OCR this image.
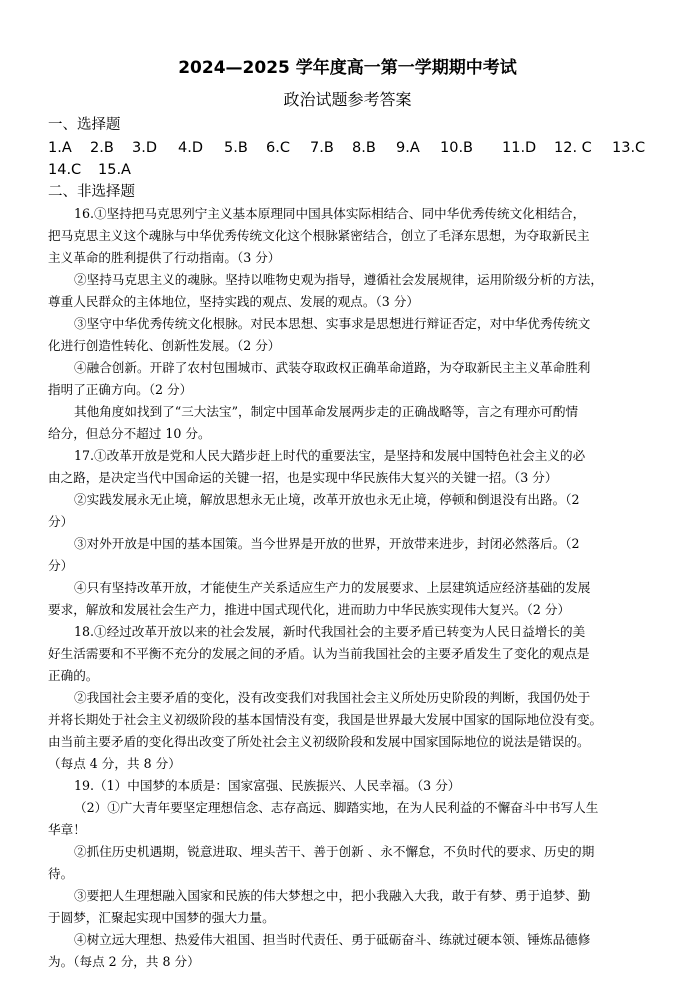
2024—2025 学年度高一第一学期期中考试
政治试题参考答案
一、选择题
1.A 2.B 3.D 4.D 5.B 6.C 7.B 8.B 9.A 10.B 11.D 12. C 13.C
14.C 15.A
二、非选择题
16.①坚持把马克思列宁主义基本原理同中国具体实际相结合、同中华优秀传统文化相结合，
把马克思主义这个魂脉与中华优秀传统文化这个根脉紧密结合，创立了毛泽东思想，为夺取新民主
主义革命的胜利提供了行动指南。（3 分）
②坚持马克思主义的魂脉。坚持以唯物史观为指导，遵循社会发展规律，运用阶级分析的方法，
尊重人民群众的主体地位，坚持实践的观点、发展的观点。（3 分）
③坚守中华优秀传统文化根脉。对民本思想、实事求是思想进行辩证否定，对中华优秀传统文
化进行创造性转化、创新性发展。（2 分）
④融合创新。开辟了农村包围城市、武装夺取政权正确革命道路，为夺取新民主主义革命胜利
指明了正确方向。（2 分）
其他角度如找到了“三大法宝”，制定中国革命发展两步走的正确战略等，言之有理亦可酌情
给分，但总分不超过 10 分。
17.①改革开放是党和人民大踏步赶上时代的重要法宝，是坚持和发展中国特色社会主义的必
由之路，是决定当代中国命运的关键一招，也是实现中华民族伟大复兴的关键一招。（3 分）
②实践发展永无止境，解放思想永无止境，改革开放也永无止境，停顿和倒退没有出路。（2
分）
③对外开放是中国的基本国策。当今世界是开放的世界，开放带来进步，封闭必然落后。（2
分）
④只有坚持改革开放，才能使生产关系适应生产力的发展要求、上层建筑适应经济基础的发展
要求，解放和发展社会生产力，推进中国式现代化，进而助力中华民族实现伟大复兴。（2 分）
18.①经过改革开放以来的社会发展，新时代我国社会的主要矛盾已转变为人民日益增长的美
好生活需要和不平衡不充分的发展之间的矛盾。认为当前我国社会的主要矛盾发生了变化的观点是
正确的。
②我国社会主要矛盾的变化，没有改变我们对我国社会主义所处历史阶段的判断，我国仍处于
并将长期处于社会主义初级阶段的基本国情没有变，我国是世界最大发展中国家的国际地位没有变。
由当前主要矛盾的变化得出改变了所处社会主义初级阶段和发展中国家国际地位的说法是错误的。
（每点 4 分，共 8 分）
19.（1）中国梦的本质是：国家富强、民族振兴、人民幸福。（3 分）
（2）①广大青年要坚定理想信念、志存高远、脚踏实地，在为人民利益的不懈奋斗中书写人生
华章！
②抓住历史机遇期，锐意进取、埋头苦干、善于创新 、永不懈怠，不负时代的要求、历史的期
待。
③要把人生理想融入国家和民族的伟大梦想之中，把小我融入大我，敢于有梦、勇于追梦、勤
于圆梦，汇聚起实现中国梦的强大力量。
④树立远大理想、热爱伟大祖国、担当时代责任、勇于砥砺奋斗、练就过硬本领、锤炼品德修
为。（每点 2 分，共 8 分）
